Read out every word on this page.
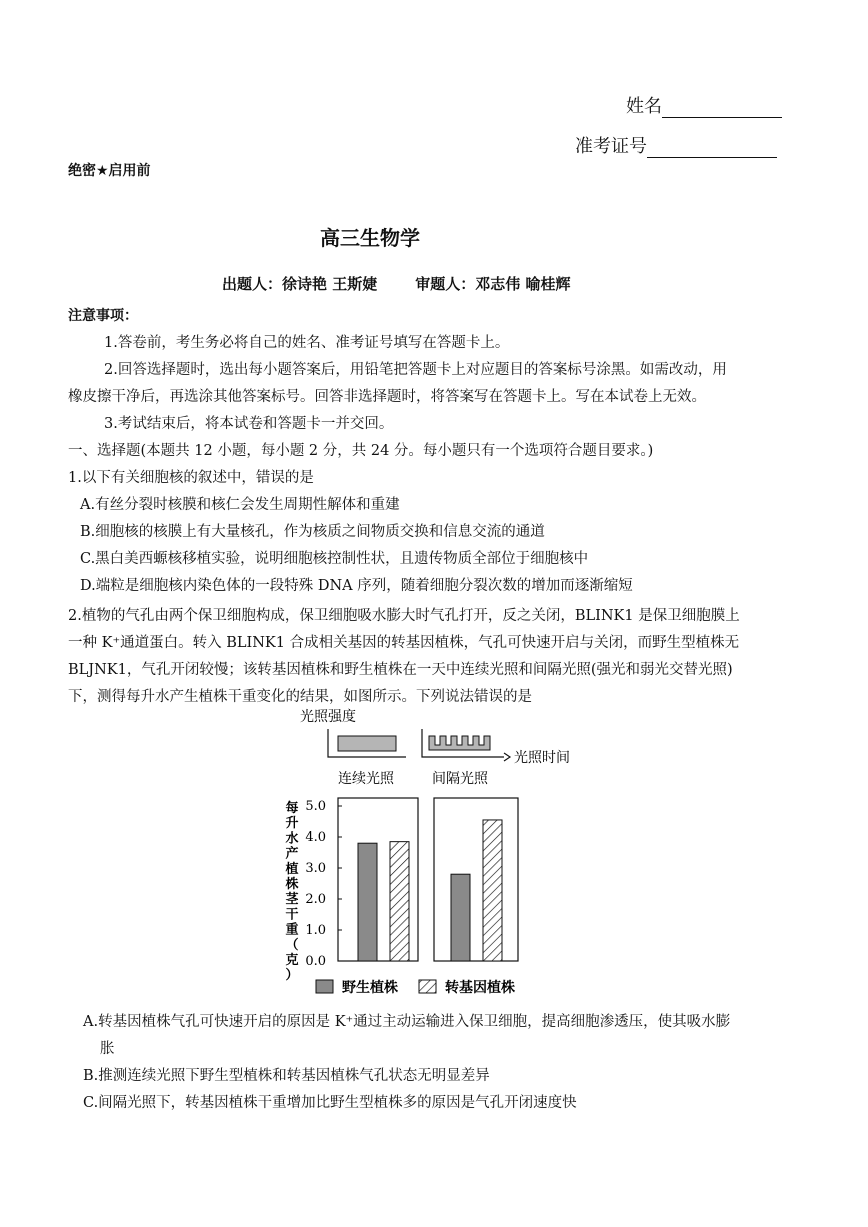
姓名
准考证号
绝密★启用前
高三生物学
出题人：徐诗艳 王斯婕	审题人：邓志伟 喻桂辉
注意事项：
1.答卷前，考生务必将自己的姓名、准考证号填写在答题卡上。
2.回答选择题时，选出每小题答案后，用铅笔把答题卡上对应题目的答案标号涂黑。如需改动，用
橡皮擦干净后，再选涂其他答案标号。回答非选择题时，将答案写在答题卡上。写在本试卷上无效。
3.考试结束后，将本试卷和答题卡一并交回。
一、选择题(本题共 12 小题，每小题 2 分，共 24 分。每小题只有一个选项符合题目要求。)
1.以下有关细胞核的叙述中，错误的是
A.有丝分裂时核膜和核仁会发生周期性解体和重建
B.细胞核的核膜上有大量核孔，作为核质之间物质交换和信息交流的通道
C.黑白美西螈核移植实验，说明细胞核控制性状，且遗传物质全部位于细胞核中
D.端粒是细胞核内染色体的一段特殊 DNA 序列，随着细胞分裂次数的增加而逐渐缩短
2.植物的气孔由两个保卫细胞构成，保卫细胞吸水膨大时气孔打开，反之关闭，BLINK1 是保卫细胞膜上
一种 K⁺通道蛋白。转入 BLINK1 合成相关基因的转基因植株，气孔可快速开启与关闭，而野生型植株无
BLJNK1，气孔开闭较慢；该转基因植株和野生植株在一天中连续光照和间隔光照(强光和弱光交替光照)
下，测得每升水产生植株干重变化的结果，如图所示。下列说法错误的是
光照强度
光照时间
连续光照	间隔光照
每
升
水
产
植
株
茎
干
重
（
克
）
5.0
4.0
3.0
2.0
1.0
0.0
野生植株	转基因植株
A.转基因植株气孔可快速开启的原因是 K⁺通过主动运输进入保卫细胞，提高细胞渗透压，使其吸水膨
胀
B.推测连续光照下野生型植株和转基因植株气孔状态无明显差异
C.间隔光照下，转基因植株干重增加比野生型植株多的原因是气孔开闭速度快
